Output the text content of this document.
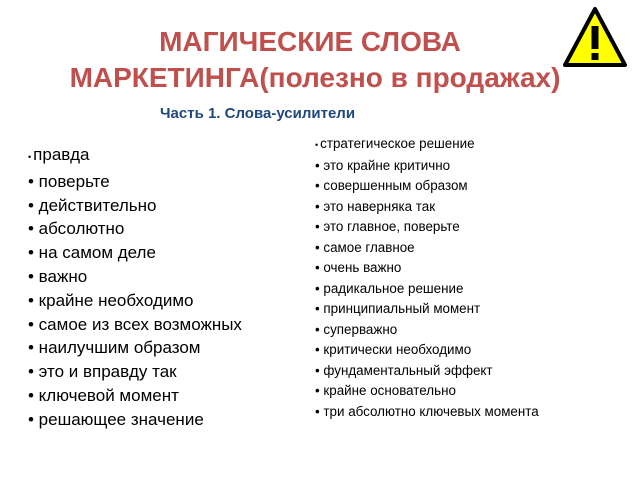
МАГИЧЕСКИЕ СЛОВА
МАРКЕТИНГА(полезно в продажах)
Часть 1. Слова-усилители
• правда
• поверьте
• действительно
• абсолютно
• на самом деле
• важно
• крайне необходимо
• самое из всех возможных
• наилучшим образом
• это и вправду так
• ключевой момент
• решающее значение
• стратегическое решение
• это крайне критично
• совершенным образом
• это наверняка так
• это главное, поверьте
• самое главное
• очень важно
• радикальное решение
• принципиальный момент
• суперважно
• критически необходимо
• фундаментальный эффект
• крайне основательно
• три абсолютно ключевых момента
